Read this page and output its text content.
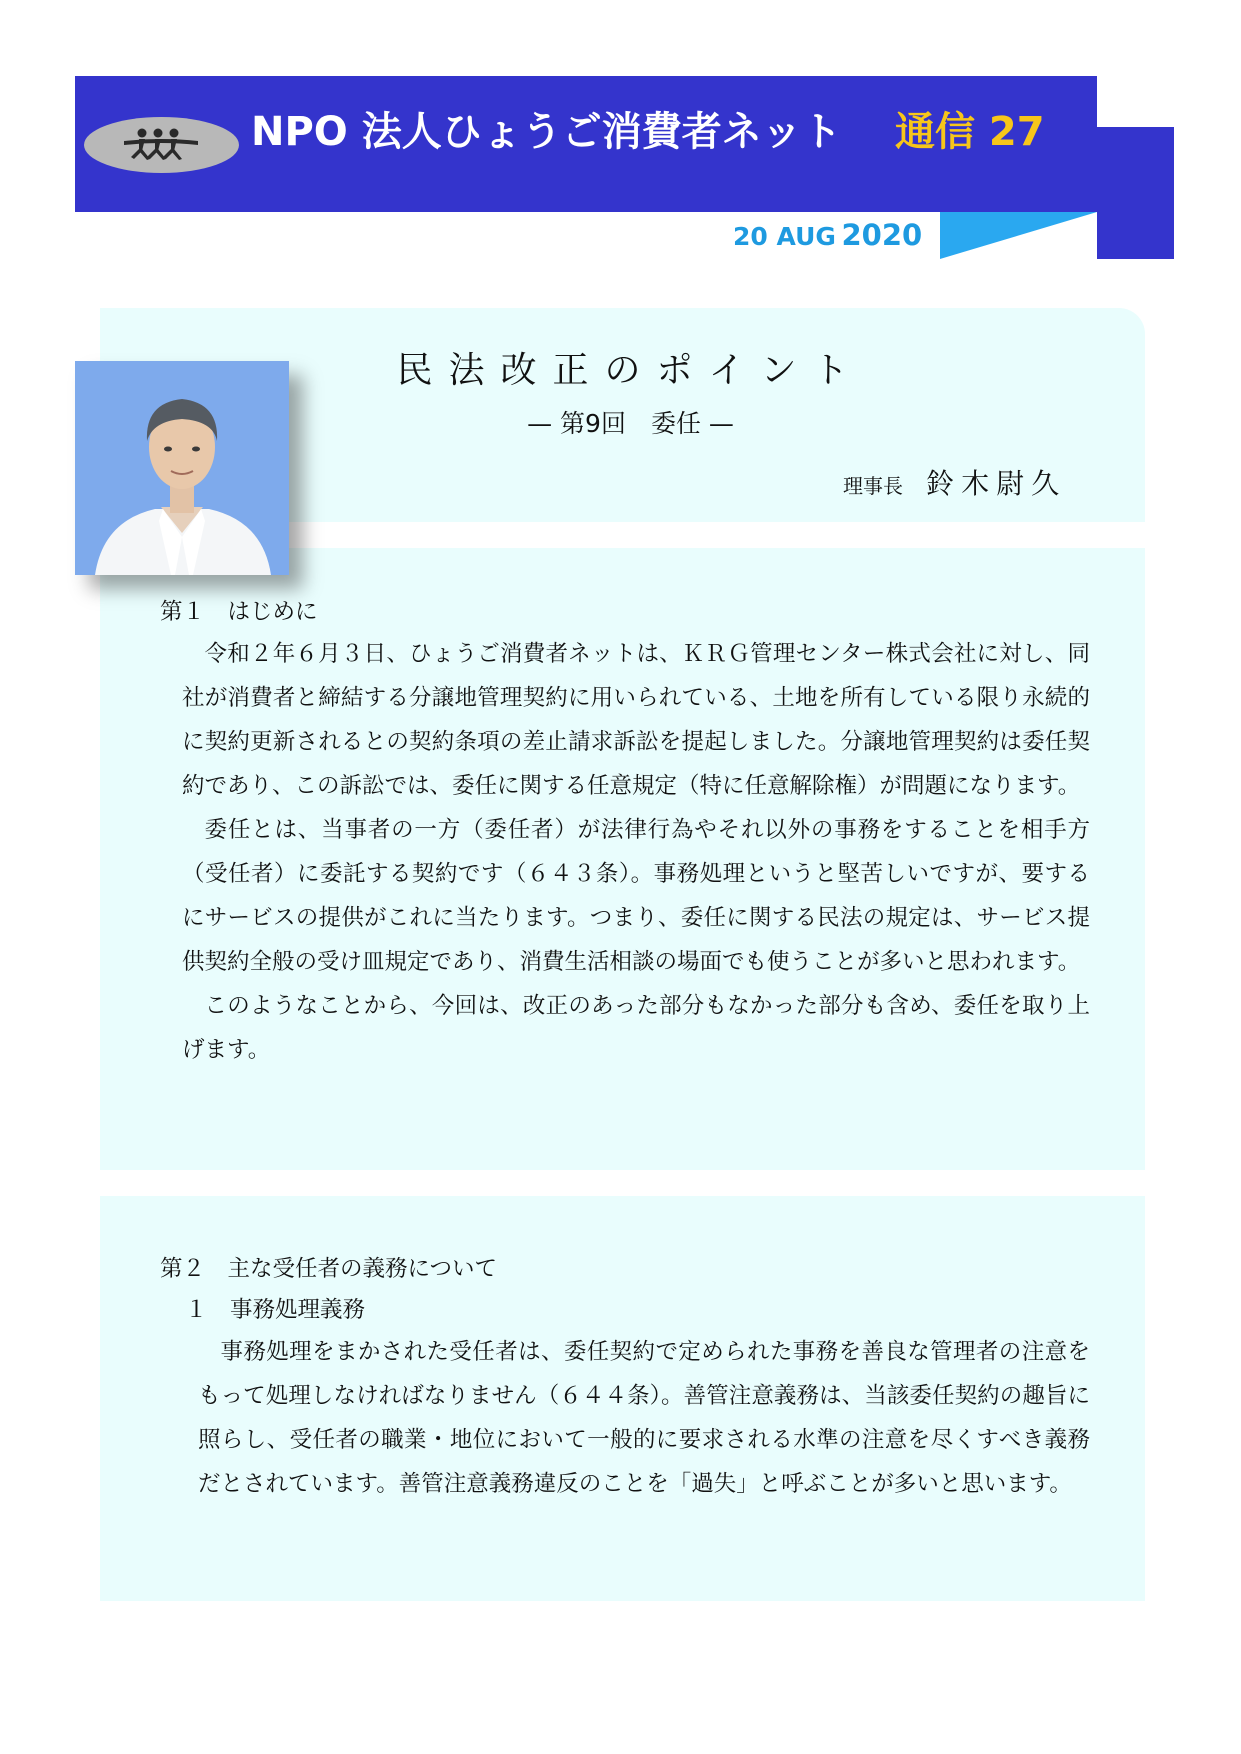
NPO 法人ひょうご消費者ネット 通信 27
20 AUG 2020
民法改正のポイント
— 第9回　委任 —
理事長 鈴木尉久
第１　はじめに

令和２年６月３日、ひょうご消費者ネットは、ＫＲＧ管理センター株式会社に対し、同社が消費者と締結する分譲地管理契約に用いられている、土地を所有している限り永続的に契約更新されるとの契約条項の差止請求訴訟を提起しました。分譲地管理契約は委任契約であり、この訴訟では、委任に関する任意規定（特に任意解除権）が問題になります。

委任とは、当事者の一方（委任者）が法律行為やそれ以外の事務をすることを相手方（受任者）に委託する契約です（６４３条）。事務処理というと堅苦しいですが、要するにサービスの提供がこれに当たります。つまり、委任に関する民法の規定は、サービス提供契約全般の受け皿規定であり、消費生活相談の場面でも使うことが多いと思われます。

このようなことから、今回は、改正のあった部分もなかった部分も含め、委任を取り上げます。

第２　主な受任者の義務について
１　事務処理義務

事務処理をまかされた受任者は、委任契約で定められた事務を善良な管理者の注意をもって処理しなければなりません（６４４条）。善管注意義務は、当該委任契約の趣旨に照らし、受任者の職業・地位において一般的に要求される水準の注意を尽くすべき義務だとされています。善管注意義務違反のことを「過失」と呼ぶことが多いと思います。
